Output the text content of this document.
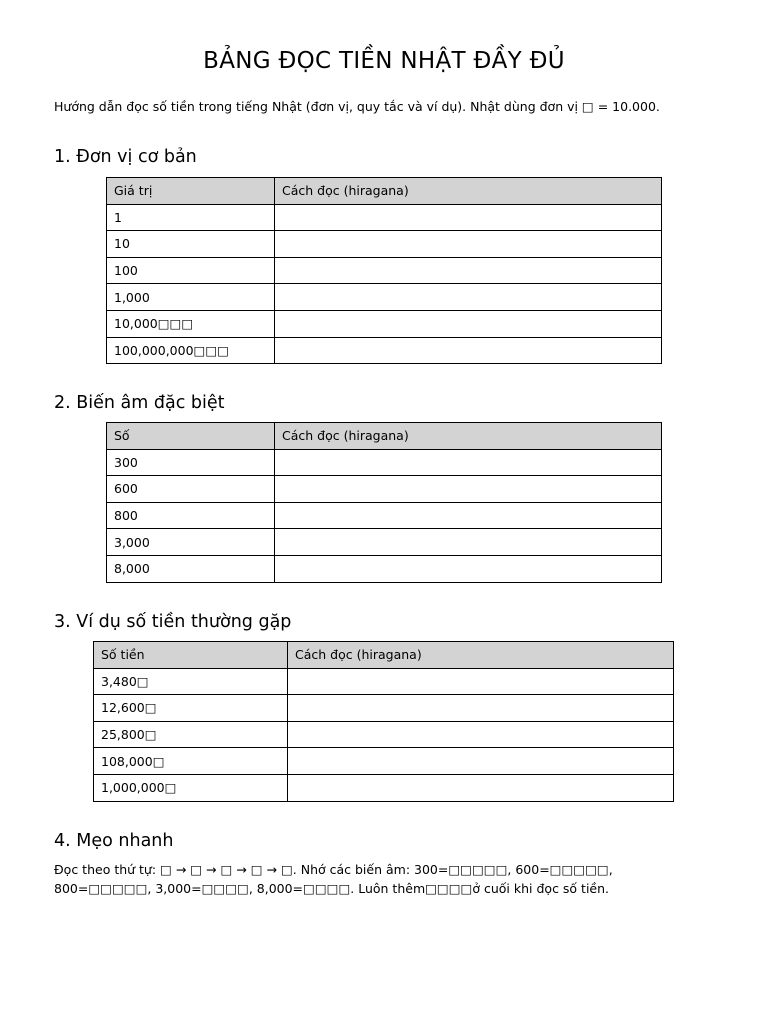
BẢNG ĐỌC TIỀN NHẬT ĐẦY ĐỦ
Hướng dẫn đọc số tiền trong tiếng Nhật (đơn vị, quy tắc và ví dụ). Nhật dùng đơn vị □ = 10.000.
1. Đơn vị cơ bản
Giá trị	Cách đọc (hiragana)
1	
10	
100	
1,000	
10,000□□□	
100,000,000□□□	
2. Biến âm đặc biệt
Số	Cách đọc (hiragana)
300	
600	
800	
3,000	
8,000	
3. Ví dụ số tiền thường gặp
Số tiền	Cách đọc (hiragana)
3,480□	
12,600□	
25,800□	
108,000□	
1,000,000□	
4. Mẹo nhanh
Đọc theo thứ tự: □ → □ → □ → □ → □. Nhớ các biến âm: 300=□□□□□, 600=□□□□□, 800=□□□□□, 3,000=□□□□, 8,000=□□□□. Luôn thêm□□□□ở cuối khi đọc số tiền.
